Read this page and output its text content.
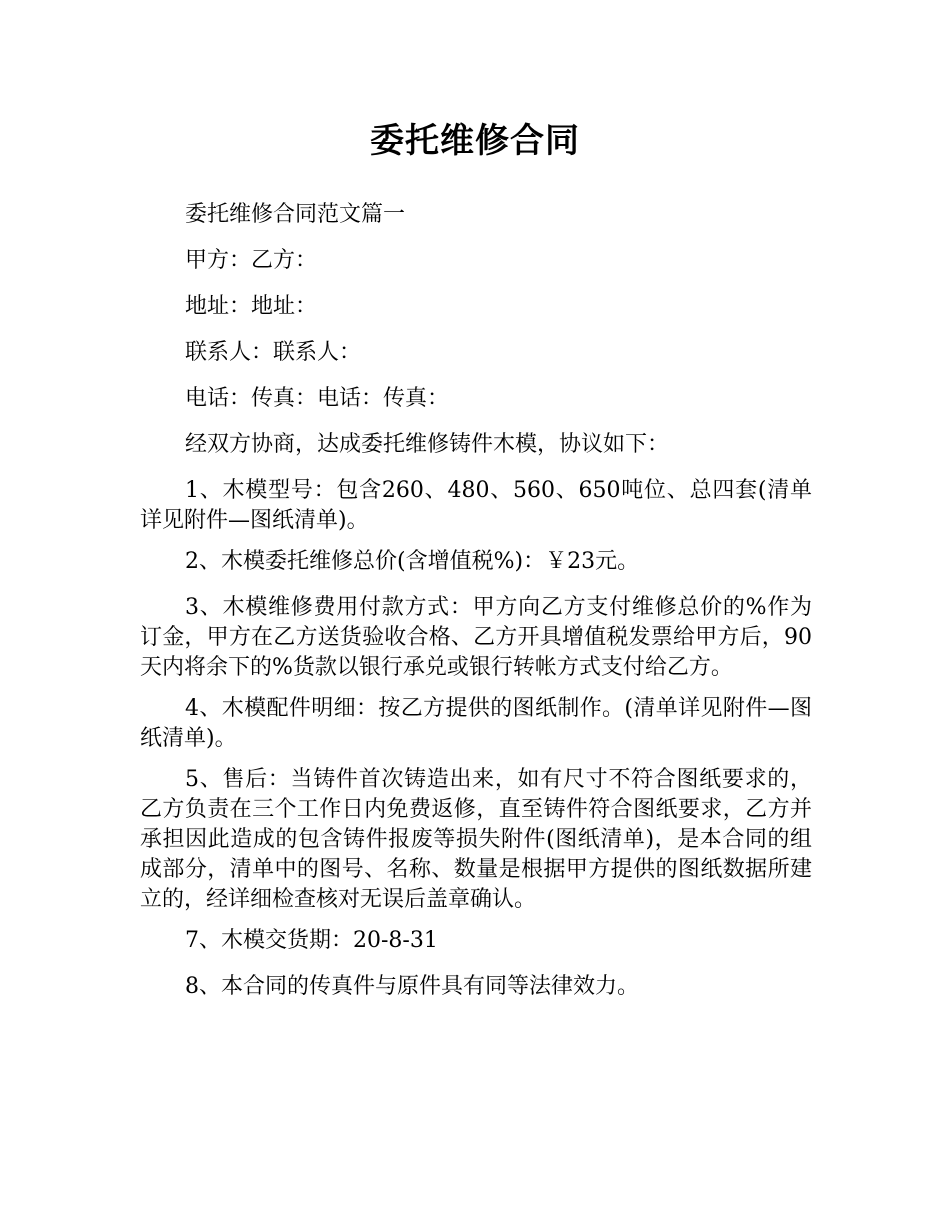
委托维修合同

委托维修合同范文篇一

甲方：乙方：

地址：地址：

联系人：联系人：

电话：传真：电话：传真：

经双方协商，达成委托维修铸件木模，协议如下：

1、木模型号：包含260、480、560、650吨位、总四套(清单详见附件—图纸清单)。

2、木模委托维修总价(含增值税%)：￥23元。

3、木模维修费用付款方式：甲方向乙方支付维修总价的%作为订金，甲方在乙方送货验收合格、乙方开具增值税发票给甲方后，90天内将余下的%货款以银行承兑或银行转帐方式支付给乙方。

4、木模配件明细：按乙方提供的图纸制作。(清单详见附件—图纸清单)。

5、售后：当铸件首次铸造出来，如有尺寸不符合图纸要求的，乙方负责在三个工作日内免费返修，直至铸件符合图纸要求，乙方并承担因此造成的包含铸件报废等损失附件(图纸清单)，是本合同的组成部分，清单中的图号、名称、数量是根据甲方提供的图纸数据所建立的，经详细检查核对无误后盖章确认。

7、木模交货期：20-8-31

8、本合同的传真件与原件具有同等法律效力。
